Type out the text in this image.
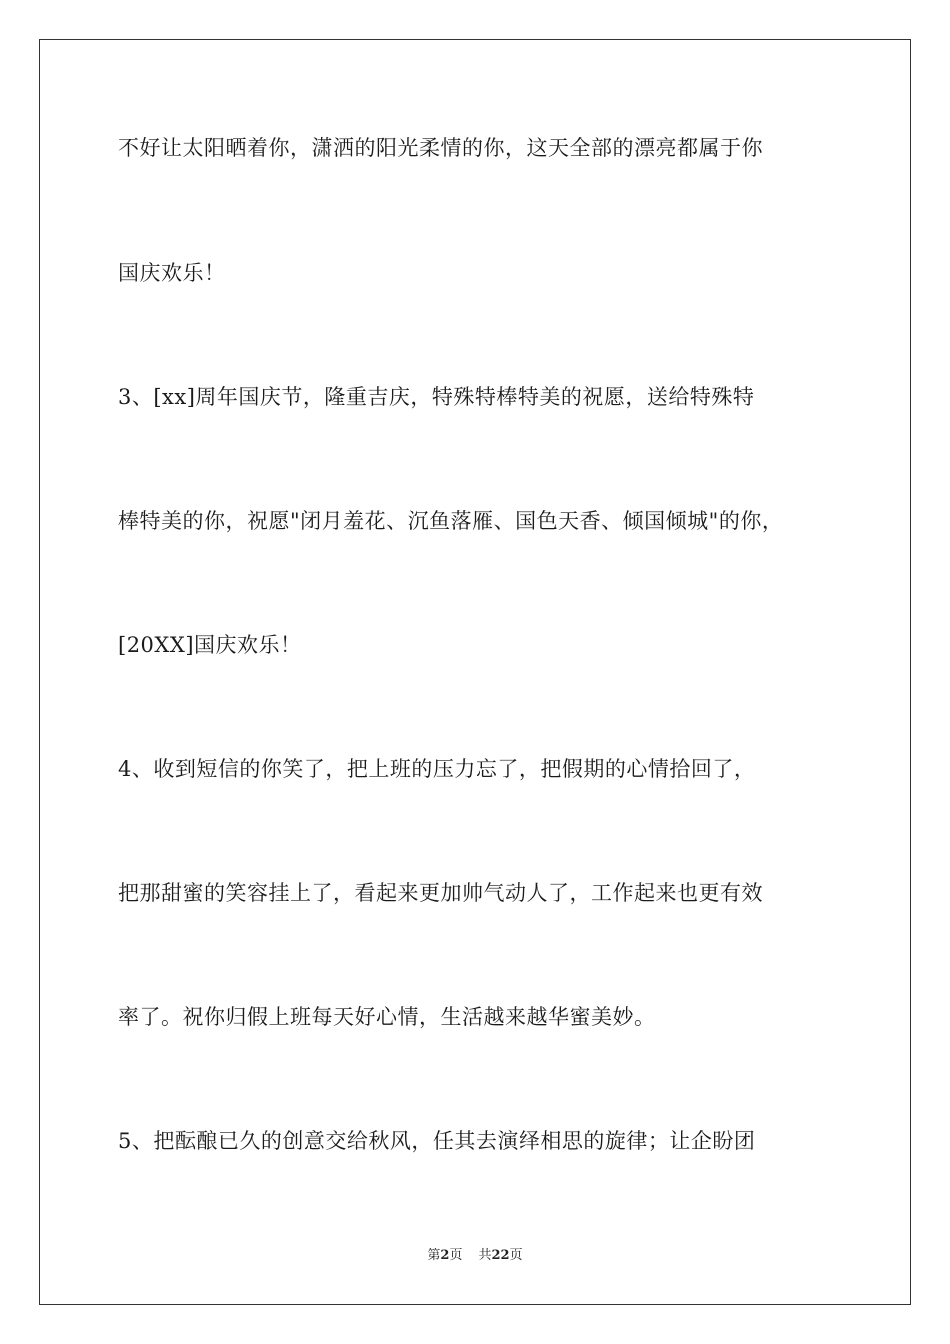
不好让太阳晒着你，潇洒的阳光柔情的你，这天全部的漂亮都属于你

国庆欢乐！

3、[xx]周年国庆节，隆重吉庆，特殊特棒特美的祝愿，送给特殊特

棒特美的你，祝愿"闭月羞花、沉鱼落雁、国色天香、倾国倾城"的你，

[20XX]国庆欢乐！

4、收到短信的你笑了，把上班的压力忘了，把假期的心情拾回了，

把那甜蜜的笑容挂上了，看起来更加帅气动人了，工作起来也更有效

率了。祝你归假上班每天好心情，生活越来越华蜜美妙。

5、把酝酿已久的创意交给秋风，任其去演绎相思的旋律；让企盼团

第2页 共22页
